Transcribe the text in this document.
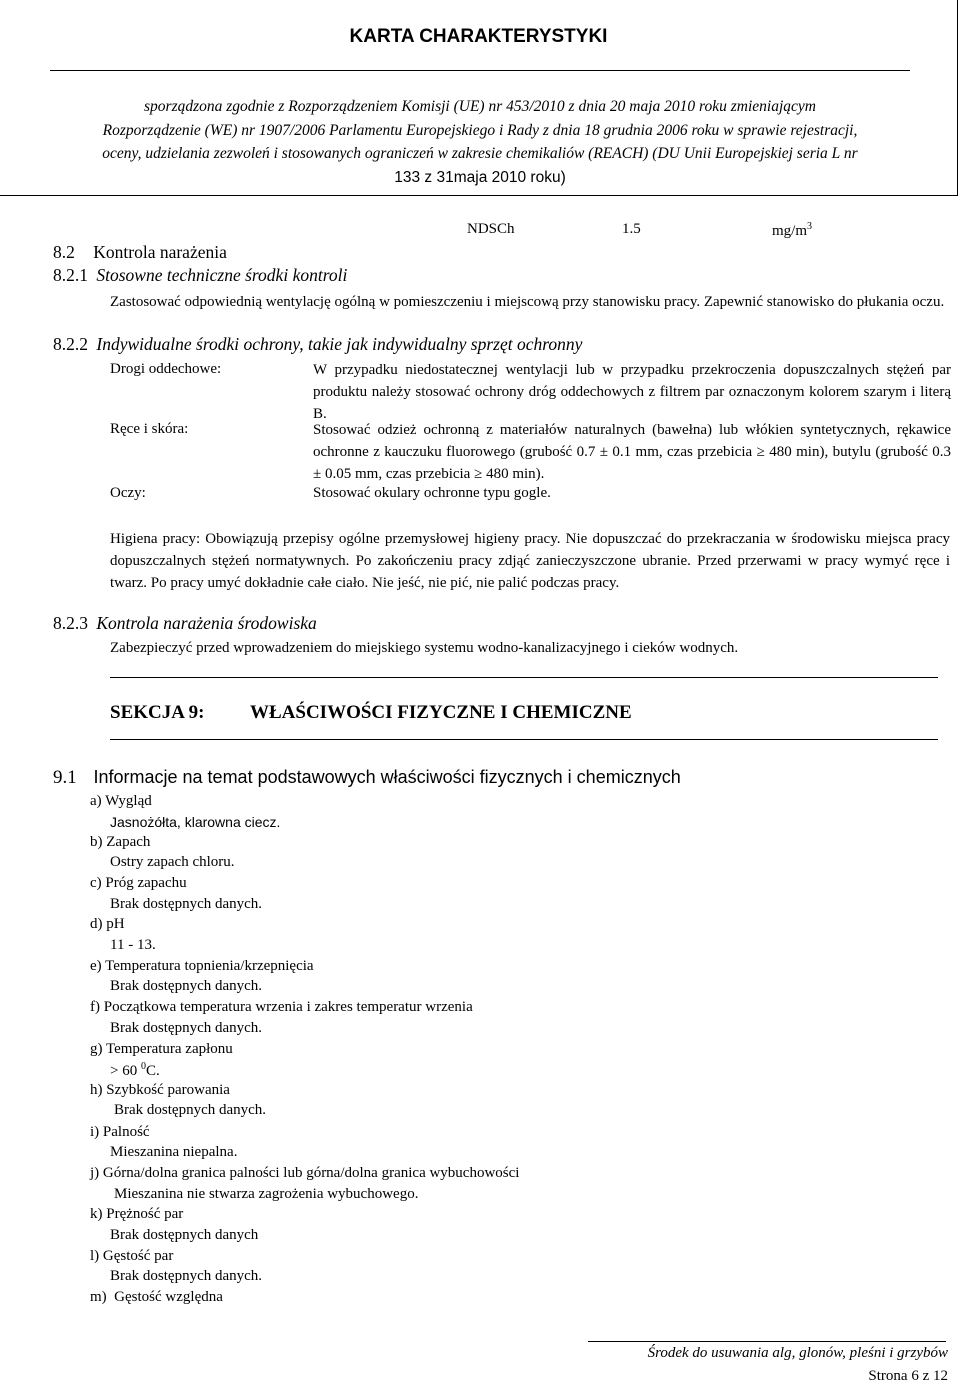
KARTA CHARAKTERYSTYKI
sporządzona zgodnie z Rozporządzeniem Komisji (UE) nr 453/2010 z dnia 20 maja 2010 roku zmieniającym
Rozporządzenie (WE) nr 1907/2006 Parlamentu Europejskiego i Rady z dnia 18 grudnia 2006 roku w sprawie rejestracji,
oceny, udzielania zezwoleń i stosowanych ograniczeń w zakresie chemikaliów (REACH) (DU Unii Europejskiej seria L nr
133 z 31maja 2010 roku)
NDSCh	1.5	$mg/m^3$
8.2 Kontrola narażenia
8.2.1 Stosowne techniczne środki kontroli
Zastosować odpowiednią wentylację ogólną w pomieszczeniu i miejscową przy stanowisku pracy. Zapewnić stanowisko do płukania oczu.
8.2.2 Indywidualne środki ochrony, takie jak indywidualny sprzęt ochronny
Drogi oddechowe:	W przypadku niedostatecznej wentylacji lub w przypadku przekroczenia dopuszczalnych stężeń par produktu należy stosować ochrony dróg oddechowych z filtrem par oznaczonym kolorem szarym i literą B.
Ręce i skóra:	Stosować odzież ochronną z materiałów naturalnych (bawełna) lub włókien syntetycznych, rękawice ochronne z kauczuku fluorowego (grubość 0.7 ± 0.1 mm, czas przebicia ≥ 480 min), butylu (grubość 0.3 ± 0.05 mm, czas przebicia ≥ 480 min).
Oczy:	Stosować okulary ochronne typu gogle.
Higiena pracy: Obowiązują przepisy ogólne przemysłowej higieny pracy. Nie dopuszczać do przekraczania w środowisku miejsca pracy dopuszczalnych stężeń normatywnych. Po zakończeniu pracy zdjąć zanieczyszczone ubranie. Przed przerwami w pracy wymyć ręce i twarz. Po pracy umyć dokładnie całe ciało. Nie jeść, nie pić, nie palić podczas pracy.
8.2.3 Kontrola narażenia środowiska
Zabezpieczyć przed wprowadzeniem do miejskiego systemu wodno-kanalizacyjnego i cieków wodnych.
SEKCJA 9: WŁAŚCIWOŚCI FIZYCZNE I CHEMICZNE
9.1 Informacje na temat podstawowych właściwości fizycznych i chemicznych
a) Wygląd
Jasnożółta, klarowna ciecz.
b) Zapach
Ostry zapach chloru.
c) Próg zapachu
Brak dostępnych danych.
d) pH
11 - 13.
e) Temperatura topnienia/krzepnięcia
Brak dostępnych danych.
f) Początkowa temperatura wrzenia i zakres temperatur wrzenia
Brak dostępnych danych.
g) Temperatura zapłonu
> 60 $^0$C.
h) Szybkość parowania
Brak dostępnych danych.
i) Palność
Mieszanina niepalna.
j) Górna/dolna granica palności lub górna/dolna granica wybuchowości
Mieszanina nie stwarza zagrożenia wybuchowego.
k) Prężność par
Brak dostępnych danych
l) Gęstość par
Brak dostępnych danych.
m) Gęstość względna
Środek do usuwania alg, glonów, pleśni i grzybów
Strona 6 z 12
